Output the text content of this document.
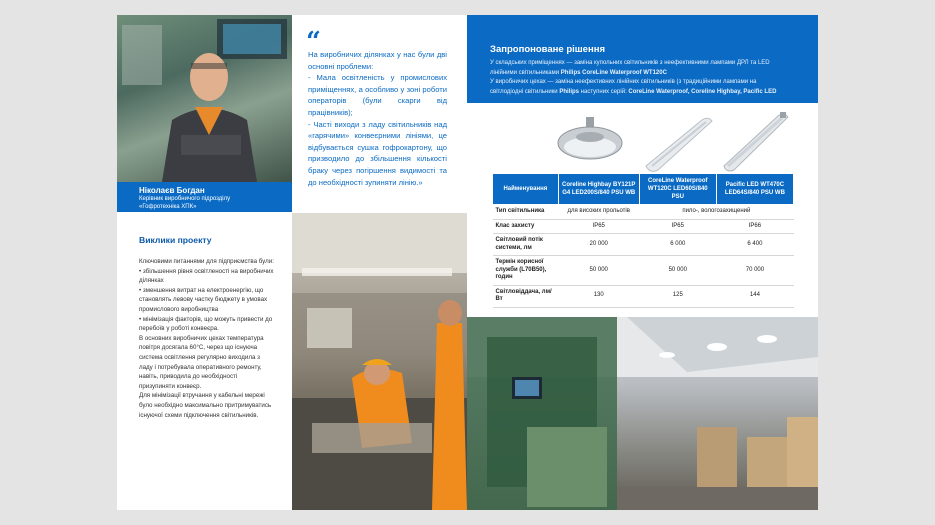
Ніколаєв Богдан
Керівник виробничого підрозділу
«Гофротехніка ХПК»
“
На виробничих ділянках у нас були дві основні проблеми:
- Мала освітленість у промислових приміщеннях, а особливо у зоні роботи операторів (були скарги від працівників);
- Часті виходи з ладу світильників над «гарячими» конвеєрними лініями, це відбувається сушка гофрокартону, що призводило до збільшення кількості браку через погіршення видимості та до необхідності зупиняти лінію.»
Виклики проекту
Ключовими питаннями для підприємства були:
• збільшення рівня освітленості на виробничих ділянках
• зменшення витрат на електроенергію, що становлять левову частку бюджету в умовах промислового виробництва
• мінімізація факторів, що можуть привести до перебоїв у роботі конвеєра.
В основних виробничих цехах температура повітря досягала 60°С, через що існуюча система освітлення регулярно виходила з ладу і потребувала оперативного ремонту, навіть, приводила до необхідності призупиняти конвеєр.
Для мінімізації втручання у кабельні мережі було необхідно максимально притримуватись існуючої схеми підключення світильників.
Запропоноване рішення
У складських приміщеннях — заміна купольних світильників з неефективними лампами ДРЛ та LED
лінійними світильниками Philips CoreLine Waterproof WT120C
У виробничих цехах — заміна неефективних лінійних світильників (з традиційними лампами на
світлодіодні світильники Philips наступних серій: CoreLine Waterproof, Coreline Highbay, Pacific LED
Найменування	Coreline Highbay BY121P G4 LED200S/840 PSU WB	CoreLine Waterproof WT120C LED60S/840 PSU	Pacific LED WT470C LED64S/840 PSU WB
Тип світильника	для високих прольотів	пило-, вологозахищений	
Клас захисту	IP65	IP65	IP66
Світловий потік системи, лм	20 000	6 000	6 400
Термін корисної служби (L70B50), годин	50 000	50 000	70 000
Світловіддача, лм/Вт	130	125	144
